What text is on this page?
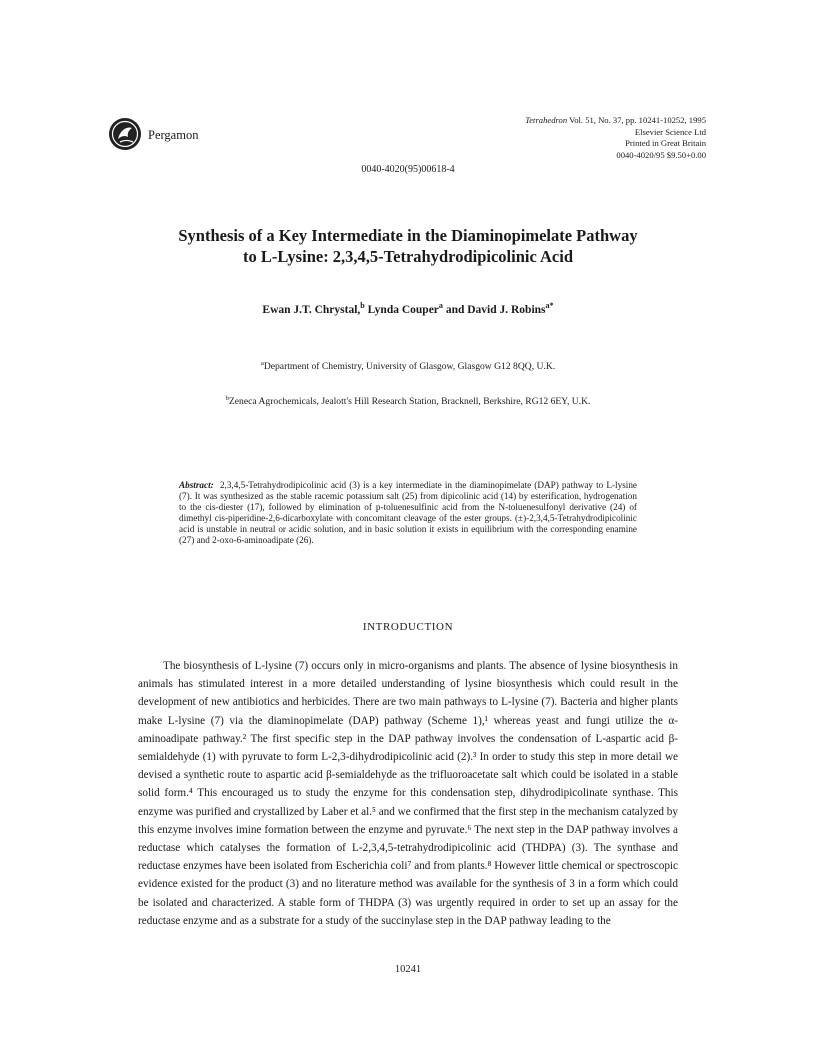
Pergamon
Tetrahedron Vol. 51, No. 37, pp. 10241-10252, 1995
Elsevier Science Ltd
Printed in Great Britain
0040-4020/95 $9.50+0.00
0040-4020(95)00618-4
Synthesis of a Key Intermediate in the Diaminopimelate Pathway
to L-Lysine: 2,3,4,5-Tetrahydrodipicolinic Acid
Ewan J.T. Chrystal,$^b$ Lynda Couper$^a$ and David J. Robins$^{a*}$
$^a$Department of Chemistry, University of Glasgow, Glasgow G12 8QQ, U.K.
$^b$Zeneca Agrochemicals, Jealott's Hill Research Station, Bracknell, Berkshire, RG12 6EY, U.K.
Abstract: 2,3,4,5-Tetrahydrodipicolinic acid (3) is a key intermediate in the diaminopimelate (DAP) pathway to L-lysine (7). It was synthesized as the stable racemic potassium salt (25) from dipicolinic acid (14) by esterification, hydrogenation to the cis-diester (17), followed by elimination of p-toluenesulfinic acid from the N-toluenesulfonyl derivative (24) of dimethyl cis-piperidine-2,6-dicarboxylate with concomitant cleavage of the ester groups. (±)-2,3,4,5-Tetrahydrodipicolinic acid is unstable in neutral or acidic solution, and in basic solution it exists in equilibrium with the corresponding enamine (27) and 2-oxo-6-aminoadipate (26).
INTRODUCTION

The biosynthesis of L-lysine (7) occurs only in micro-organisms and plants. The absence of lysine biosynthesis in animals has stimulated interest in a more detailed understanding of lysine biosynthesis which could result in the development of new antibiotics and herbicides. There are two main pathways to L-lysine (7). Bacteria and higher plants make L-lysine (7) via the diaminopimelate (DAP) pathway (Scheme 1),¹ whereas yeast and fungi utilize the α-aminoadipate pathway.² The first specific step in the DAP pathway involves the condensation of L-aspartic acid β-semialdehyde (1) with pyruvate to form L-2,3-dihydrodipicolinic acid (2).³ In order to study this step in more detail we devised a synthetic route to aspartic acid β-semialdehyde as the trifluoroacetate salt which could be isolated in a stable solid form.⁴ This encouraged us to study the enzyme for this condensation step, dihydrodipicolinate synthase. This enzyme was purified and crystallized by Laber et al.⁵ and we confirmed that the first step in the mechanism catalyzed by this enzyme involves imine formation between the enzyme and pyruvate.⁶ The next step in the DAP pathway involves a reductase which catalyses the formation of L-2,3,4,5-tetrahydrodipicolinic acid (THDPA) (3). The synthase and reductase enzymes have been isolated from Escherichia coli⁷ and from plants.⁸ However little chemical or spectroscopic evidence existed for the product (3) and no literature method was available for the synthesis of 3 in a form which could be isolated and characterized. A stable form of THDPA (3) was urgently required in order to set up an assay for the reductase enzyme and as a substrate for a study of the succinylase step in the DAP pathway leading to the

10241
